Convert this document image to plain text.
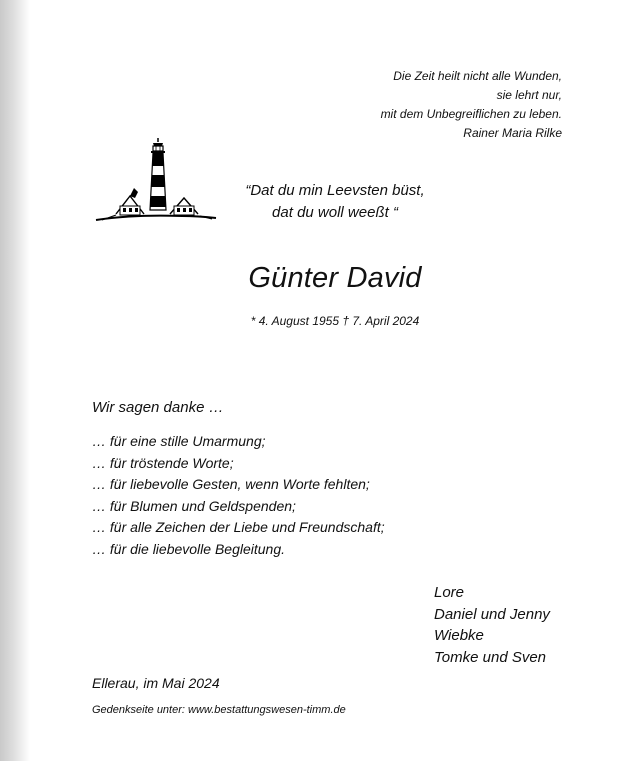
Die Zeit heilt nicht alle Wunden,
sie lehrt nur,
mit dem Unbegreiflichen zu leben.
Rainer Maria Rilke
“Dat du min Leevsten büst,
dat du woll weeßt “
Günter David
* 4. August 1955 † 7. April 2024
Wir sagen danke …
… für eine stille Umarmung;
… für tröstende Worte;
… für liebevolle Gesten, wenn Worte fehlten;
… für Blumen und Geldspenden;
… für alle Zeichen der Liebe und Freundschaft;
… für die liebevolle Begleitung.
Lore
Daniel und Jenny
Wiebke
Tomke und Sven
Ellerau, im Mai 2024
Gedenkseite unter: www.bestattungswesen-timm.de
